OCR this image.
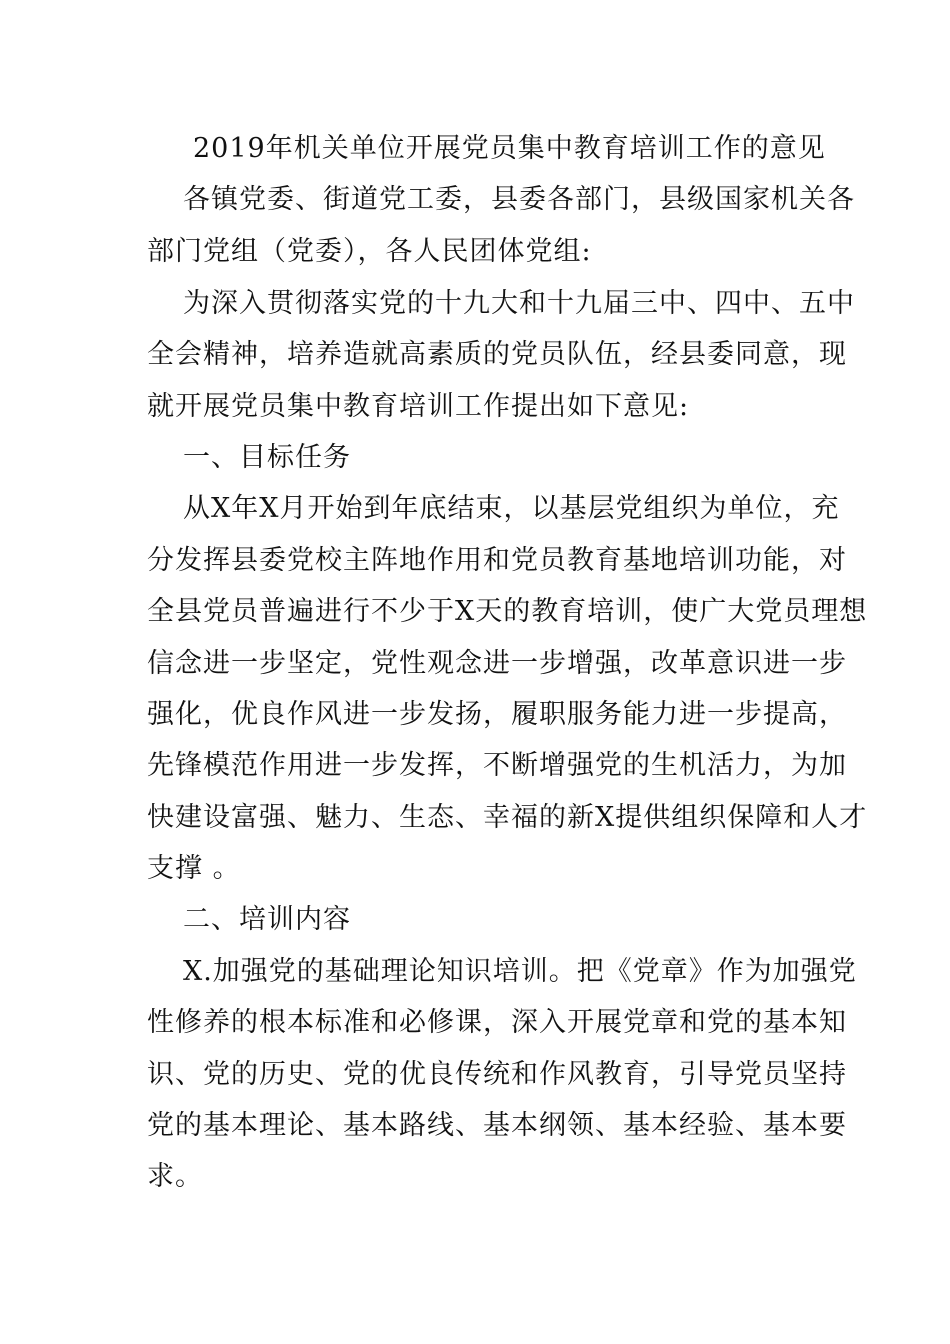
2019年机关单位开展党员集中教育培训工作的意见
各镇党委、街道党工委，县委各部门，县级国家机关各
部门党组（党委），各人民团体党组:
为深入贯彻落实党的十九大和十九届三中、四中、五中
全会精神，培养造就高素质的党员队伍，经县委同意，现
就开展党员集中教育培训工作提出如下意见:
一、目标任务
从X年X月开始到年底结束，以基层党组织为单位，充
分发挥县委党校主阵地作用和党员教育基地培训功能，对
全县党员普遍进行不少于X天的教育培训，使广大党员理想
信念进一步坚定，党性观念进一步增强，改革意识进一步
强化，优良作风进一步发扬，履职服务能力进一步提高，
先锋模范作用进一步发挥，不断增强党的生机活力，为加
快建设富强、魅力、生态、幸福的新X提供组织保障和人才
支撑 。
二、培训内容
X.加强党的基础理论知识培训。把《党章》作为加强党
性修养的根本标准和必修课，深入开展党章和党的基本知
识、党的历史、党的优良传统和作风教育，引导党员坚持
党的基本理论、基本路线、基本纲领、基本经验、基本要
求。
